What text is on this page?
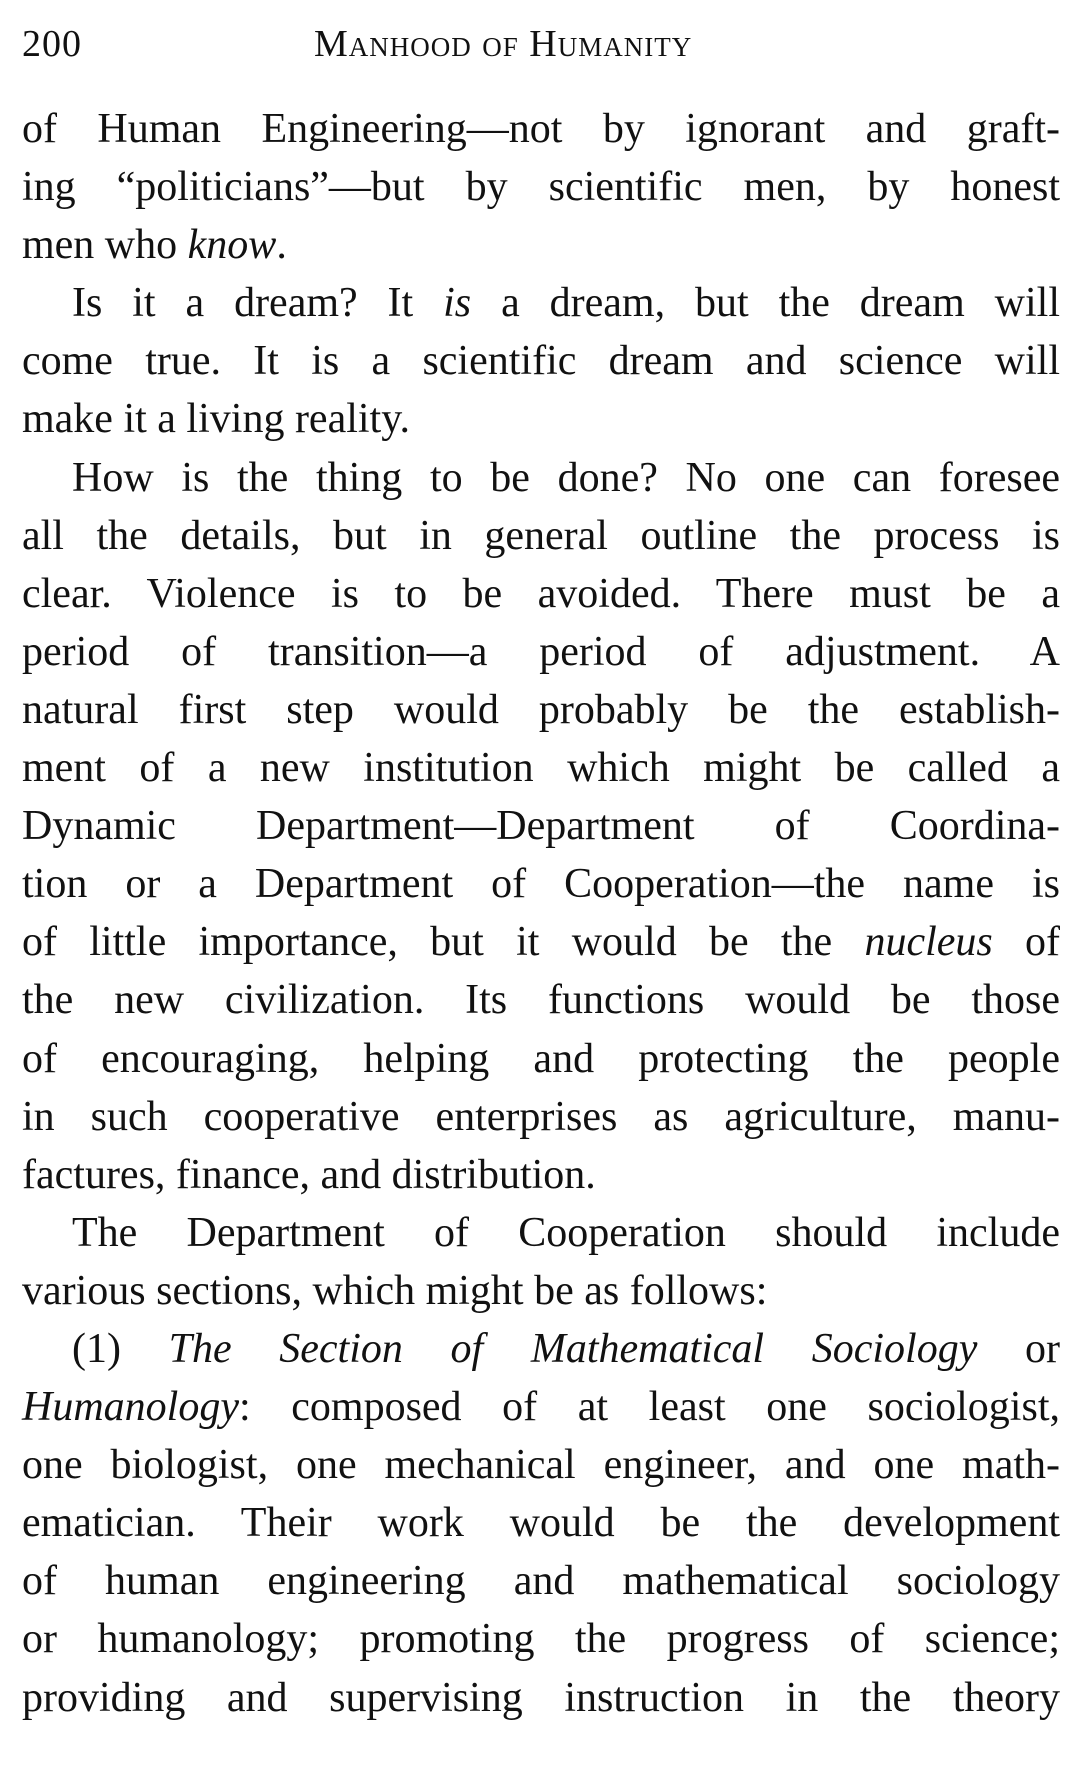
200	Manhood of Humanity
of Human Engineering—not by ignorant and graft-
ing “politicians”—but by scientific men, by honest
men who know.
Is it a dream? It is a dream, but the dream will
come true. It is a scientific dream and science will
make it a living reality.
How is the thing to be done? No one can foresee
all the details, but in general outline the process is
clear. Violence is to be avoided. There must be a
period of transition—a period of adjustment. A
natural first step would probably be the establish-
ment of a new institution which might be called a
Dynamic Department—Department of Coordina-
tion or a Department of Cooperation—the name is
of little importance, but it would be the nucleus of
the new civilization. Its functions would be those
of encouraging, helping and protecting the people
in such cooperative enterprises as agriculture, manu-
factures, finance, and distribution.
The Department of Cooperation should include
various sections, which might be as follows:
(1) The Section of Mathematical Sociology or
Humanology: composed of at least one sociologist,
one biologist, one mechanical engineer, and one math-
ematician. Their work would be the development
of human engineering and mathematical sociology
or humanology; promoting the progress of science;
providing and supervising instruction in the theory
